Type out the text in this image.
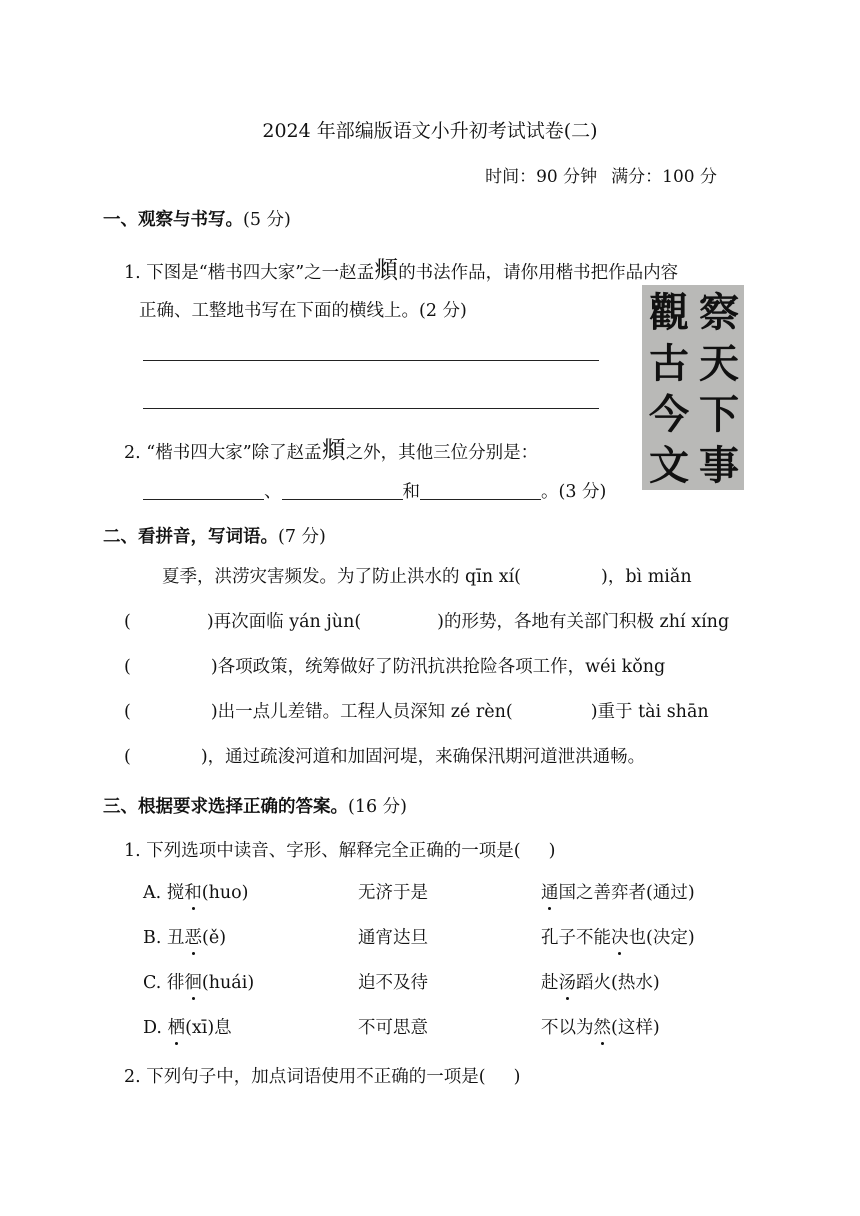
2024 年部编版语文小升初考试试卷(二)
时间：90 分钟 满分：100 分
一、观察与书写。(5 分)
1. 下图是“楷书四大家”之一赵孟頫的书法作品，请你用楷书把作品内容
正确、工整地书写在下面的横线上。(2 分)
2. “楷书四大家”除了赵孟頫之外，其他三位分别是：
、	和	。(3 分)
察
天
下
事
觀
古
今
文
二、看拼音，写词语。(7 分)
夏季，洪涝灾害频发。为了防止洪水的 qīn xí(	)，bì miǎn
(	)再次面临 yán jùn(	)的形势，各地有关部门积极 zhí xíng
(	)各项政策，统筹做好了防汛抗洪抢险各项工作，wéi kǒng
(	)出一点儿差错。工程人员深知 zé rèn(	)重于 tài shān
(	)，通过疏浚河道和加固河堤，来确保汛期河道泄洪通畅。
三、根据要求选择正确的答案。(16 分)
1. 下列选项中读音、字形、解释完全正确的一项是( )
A. 搅和(huo)	无济于是	通国之善弈者(通过)
B. 丑恶(ě)	通宵达旦	孔子不能决也(决定)
C. 徘徊(huái)	迫不及待	赴汤蹈火(热水)
D. 栖(xī)息	不可思意	不以为然(这样)
2. 下列句子中，加点词语使用不正确的一项是( )
